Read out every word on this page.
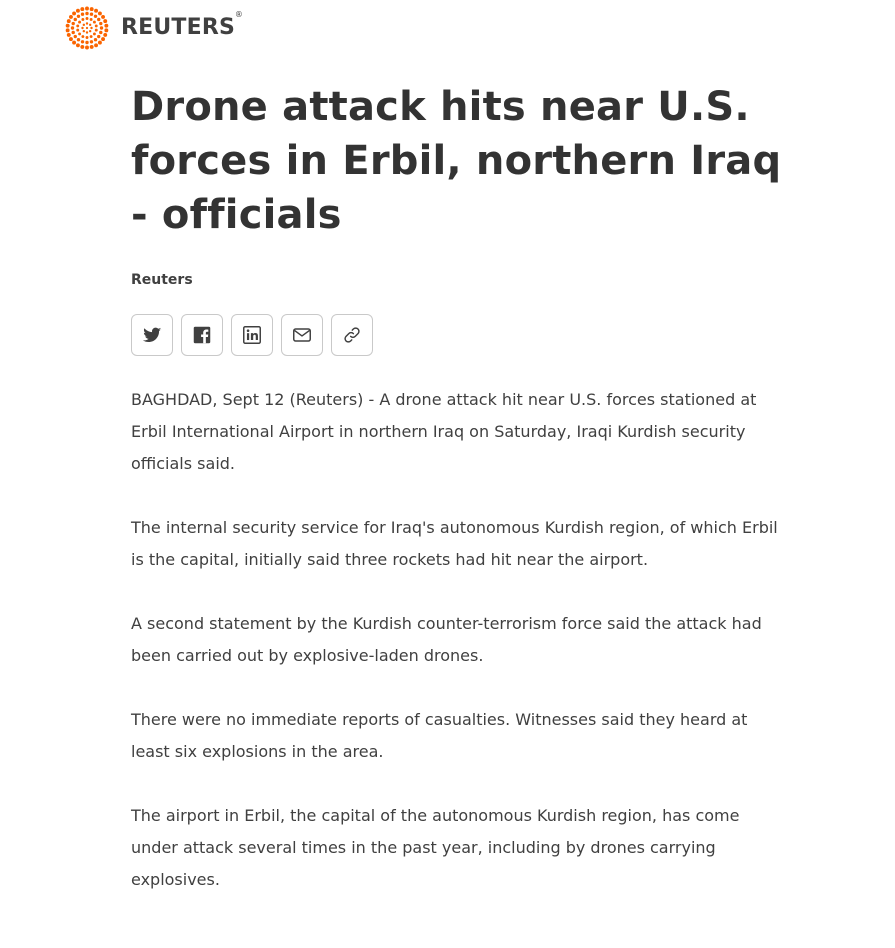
REUTERS
®
Drone attack hits near U.S. forces in Erbil, northern Iraq - officials
Reuters

BAGHDAD, Sept 12 (Reuters) - A drone attack hit near U.S. forces stationed at Erbil International Airport in northern Iraq on Saturday, Iraqi Kurdish security officials said.

The internal security service for Iraq's autonomous Kurdish region, of which Erbil is the capital, initially said three rockets had hit near the airport.

A second statement by the Kurdish counter-terrorism force said the attack had been carried out by explosive-laden drones.

There were no immediate reports of casualties. Witnesses said they heard at least six explosions in the area.

The airport in Erbil, the capital of the autonomous Kurdish region, has come under attack several times in the past year, including by drones carrying explosives.
